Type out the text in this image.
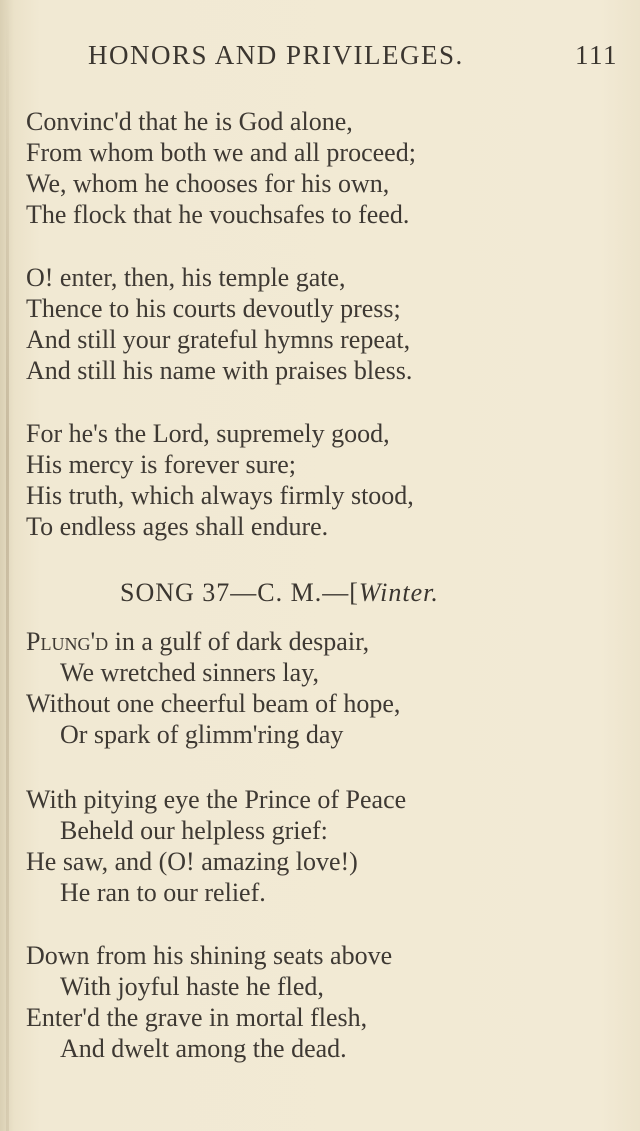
HONORS AND PRIVILEGES.	111
Convinc'd that he is God alone,
From whom both we and all proceed;
We, whom he chooses for his own,
The flock that he vouchsafes to feed.
O! enter, then, his temple gate,
Thence to his courts devoutly press;
And still your grateful hymns repeat,
And still his name with praises bless.
For he's the Lord, supremely good,
His mercy is forever sure;
His truth, which always firmly stood,
To endless ages shall endure.
SONG 37—C. M.—[Winter.
Plung'd in a gulf of dark despair,
We wretched sinners lay,
Without one cheerful beam of hope,
Or spark of glimm'ring day
With pitying eye the Prince of Peace
Beheld our helpless grief:
He saw, and (O! amazing love!)
He ran to our relief.
Down from his shining seats above
With joyful haste he fled,
Enter'd the grave in mortal flesh,
And dwelt among the dead.
